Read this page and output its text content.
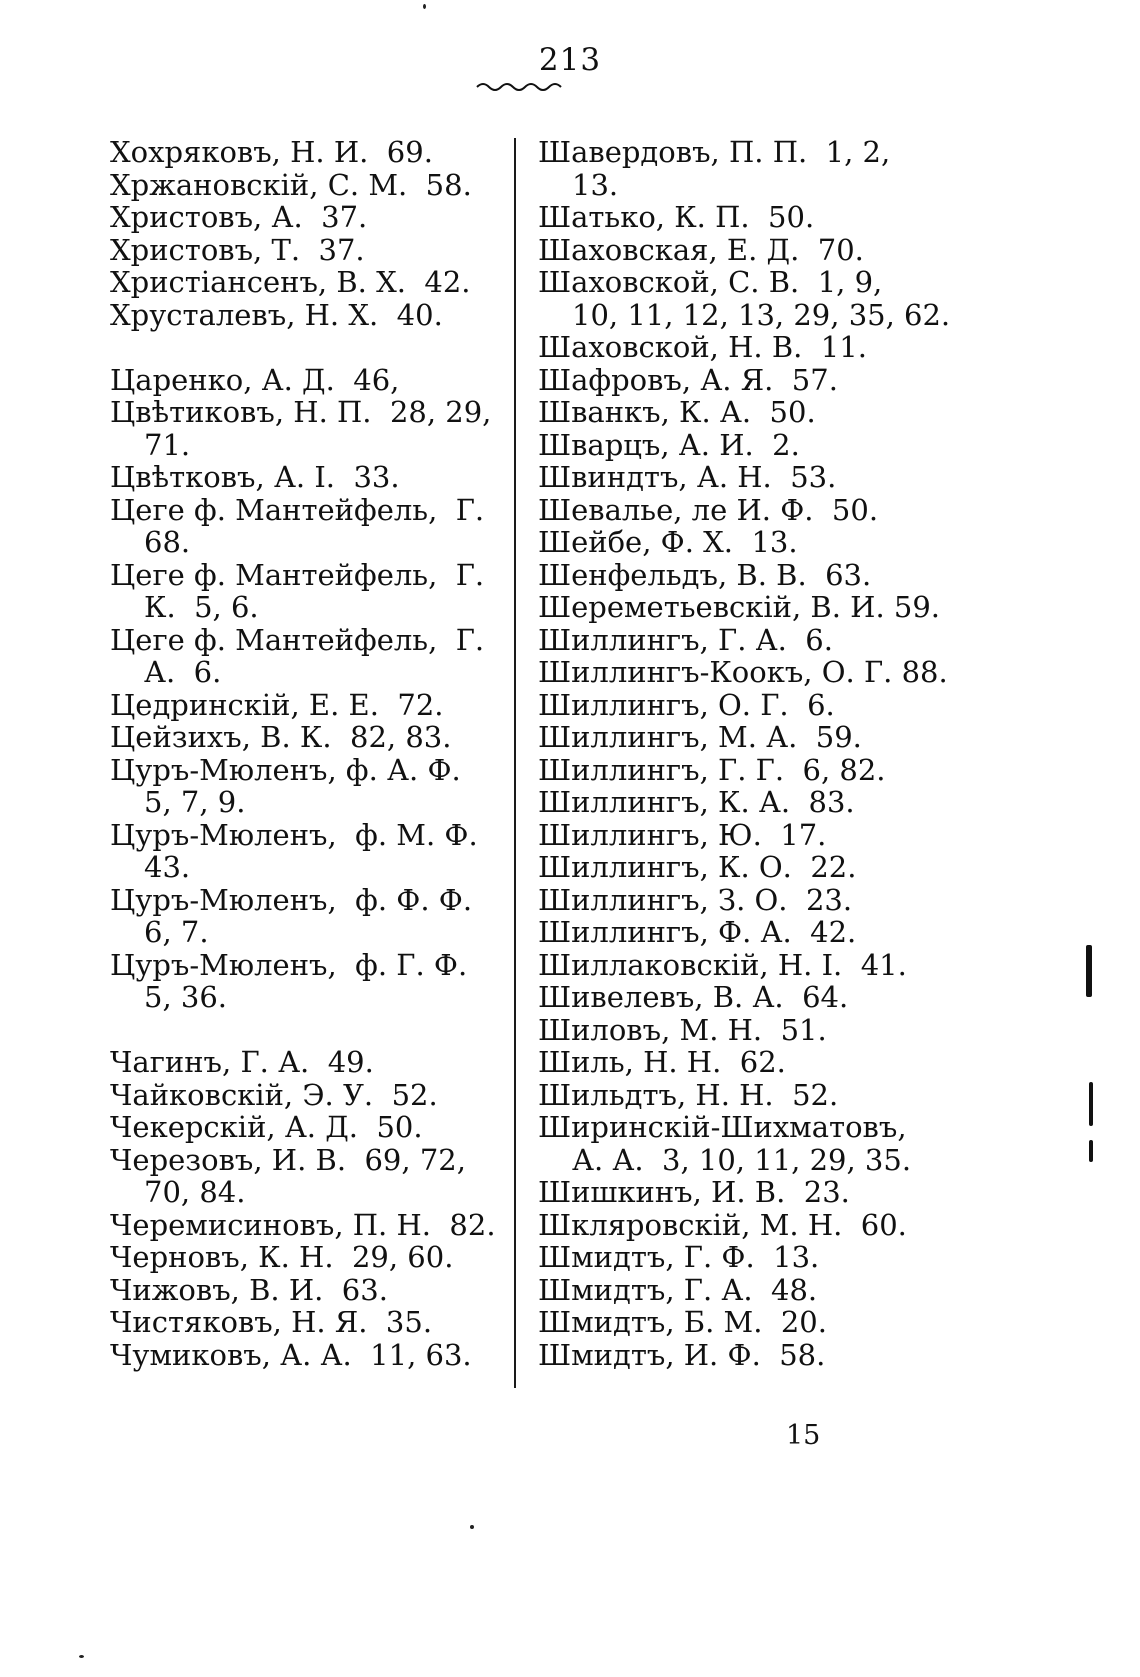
213
Хохряковъ, Н. И.  69.
Хржановскій, С. М.  58.
Христовъ, А.  37.
Христовъ, Т.  37.
Христіансенъ, В. Х.  42.
Хрусталевъ, Н. Х.  40.
Царенко, А. Д.  46,
Цвѣтиковъ, Н. П.  28, 29,
71.
Цвѣтковъ, А. І.  33.
Цеге ф. Мантейфель,  Г.
68.
Цеге ф. Мантейфель,  Г.
К.  5, 6.
Цеге ф. Мантейфель,  Г.
А.  6.
Цедринскій, Е. Е.  72.
Цейзихъ, В. К.  82, 83.
Цуръ-Мюленъ, ф. А. Ф.
5, 7, 9.
Цуръ-Мюленъ,  ф. М. Ф.
43.
Цуръ-Мюленъ,  ф. Ф. Ф.
6, 7.
Цуръ-Мюленъ,  ф. Г. Ф.
5, 36.
Чагинъ, Г. А.  49.
Чайковскій, Э. У.  52.
Чекерскій, А. Д.  50.
Черезовъ, И. В.  69, 72,
70, 84.
Черемисиновъ, П. Н.  82.
Черновъ, К. Н.  29, 60.
Чижовъ, В. И.  63.
Чистяковъ, Н. Я.  35.
Чумиковъ, А. А.  11, 63.
Шавердовъ, П. П.  1, 2,
13.
Шатько, К. П.  50.
Шаховская, Е. Д.  70.
Шаховской, С. В.  1, 9,
10, 11, 12, 13, 29, 35, 62.
Шаховской, Н. В.  11.
Шафровъ, А. Я.  57.
Шванкъ, К. А.  50.
Шварцъ, А. И.  2.
Швиндтъ, А. Н.  53.
Шевалье, ле И. Ф.  50.
Шейбе, Ф. Х.  13.
Шенфельдъ, В. В.  63.
Шереметьевскій, В. И. 59.
Шиллингъ, Г. А.  6.
Шиллингъ-Коокъ, О. Г. 88.
Шиллингъ, О. Г.  6.
Шиллингъ, М. А.  59.
Шиллингъ, Г. Г.  6, 82.
Шиллингъ, К. А.  83.
Шиллингъ, Ю.  17.
Шиллингъ, К. О.  22.
Шиллингъ, З. О.  23.
Шиллингъ, Ф. А.  42.
Шиллаковскій, Н. І.  41.
Шивелевъ, В. А.  64.
Шиловъ, М. Н.  51.
Шиль, Н. Н.  62.
Шильдтъ, Н. Н.  52.
Ширинскій-Шихматовъ,
А. А.  3, 10, 11, 29, 35.
Шишкинъ, И. В.  23.
Шкляровскій, М. Н.  60.
Шмидтъ, Г. Ф.  13.
Шмидтъ, Г. А.  48.
Шмидтъ, Б. М.  20.
Шмидтъ, И. Ф.  58.
15
